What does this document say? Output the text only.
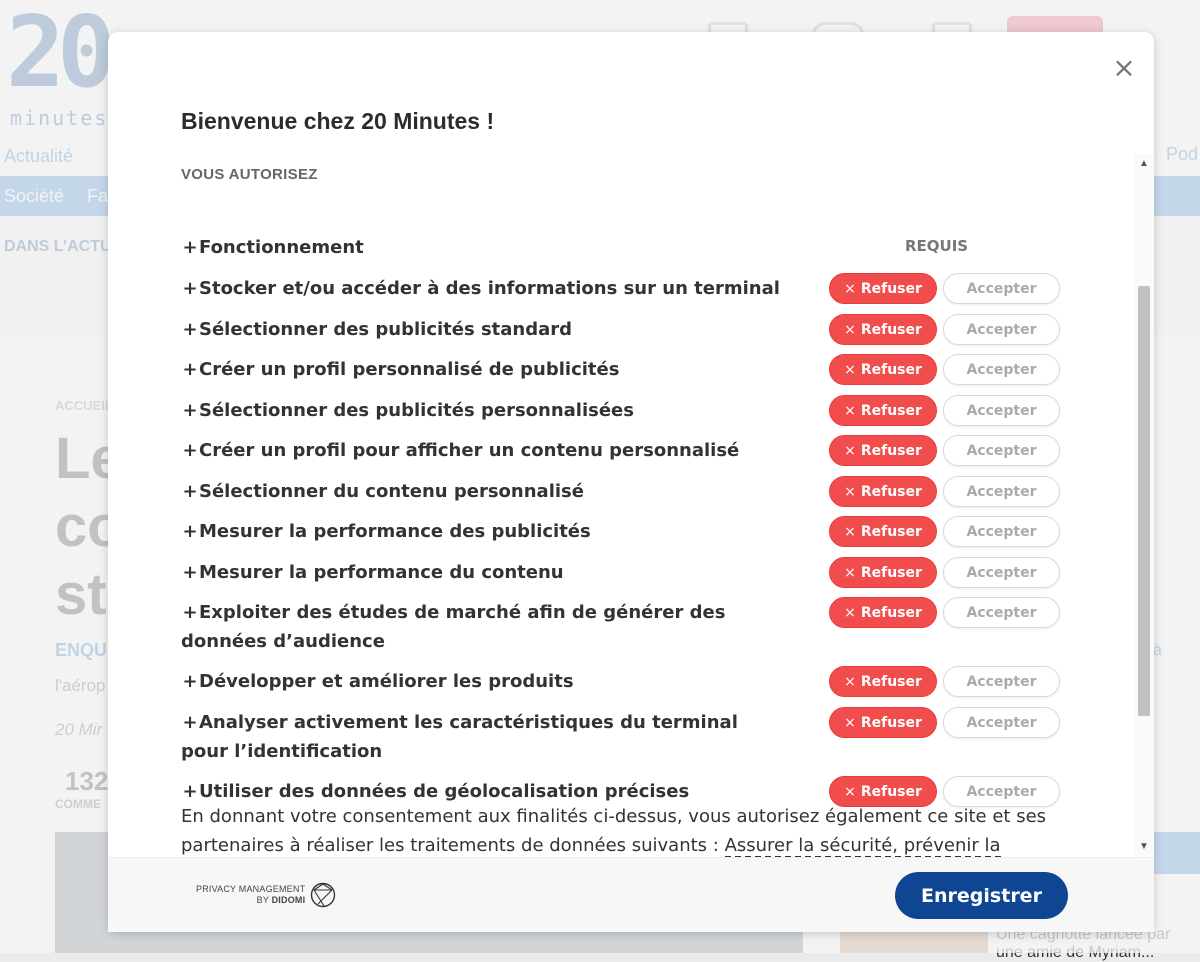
×
Bienvenue chez 20 Minutes !
VOUS AUTORISEZ
+Fonctionnement	REQUIS
+Stocker et/ou accéder à des informations sur un terminal	× Refuser	Accepter
+Sélectionner des publicités standard	× Refuser	Accepter
+Créer un profil personnalisé de publicités	× Refuser	Accepter
+Sélectionner des publicités personnalisées	× Refuser	Accepter
+Créer un profil pour afficher un contenu personnalisé	× Refuser	Accepter
+Sélectionner du contenu personnalisé	× Refuser	Accepter
+Mesurer la performance des publicités	× Refuser	Accepter
+Mesurer la performance du contenu	× Refuser	Accepter
+Exploiter des études de marché afin de générer des données d’audience
× Refuser	Accepter
+Développer et améliorer les produits	× Refuser	Accepter
+Analyser activement les caractéristiques du terminal pour l’identification
× Refuser	Accepter
+Utiliser des données de géolocalisation précises	× Refuser	Accepter
En donnant votre consentement aux finalités ci-dessus, vous autorisez également ce site et ses partenaires à réaliser les traitements de données suivants : Assurer la sécurité, prévenir la
▲
▼
PRIVACY MANAGEMENT
BY DIDOMI	Enregistrer
